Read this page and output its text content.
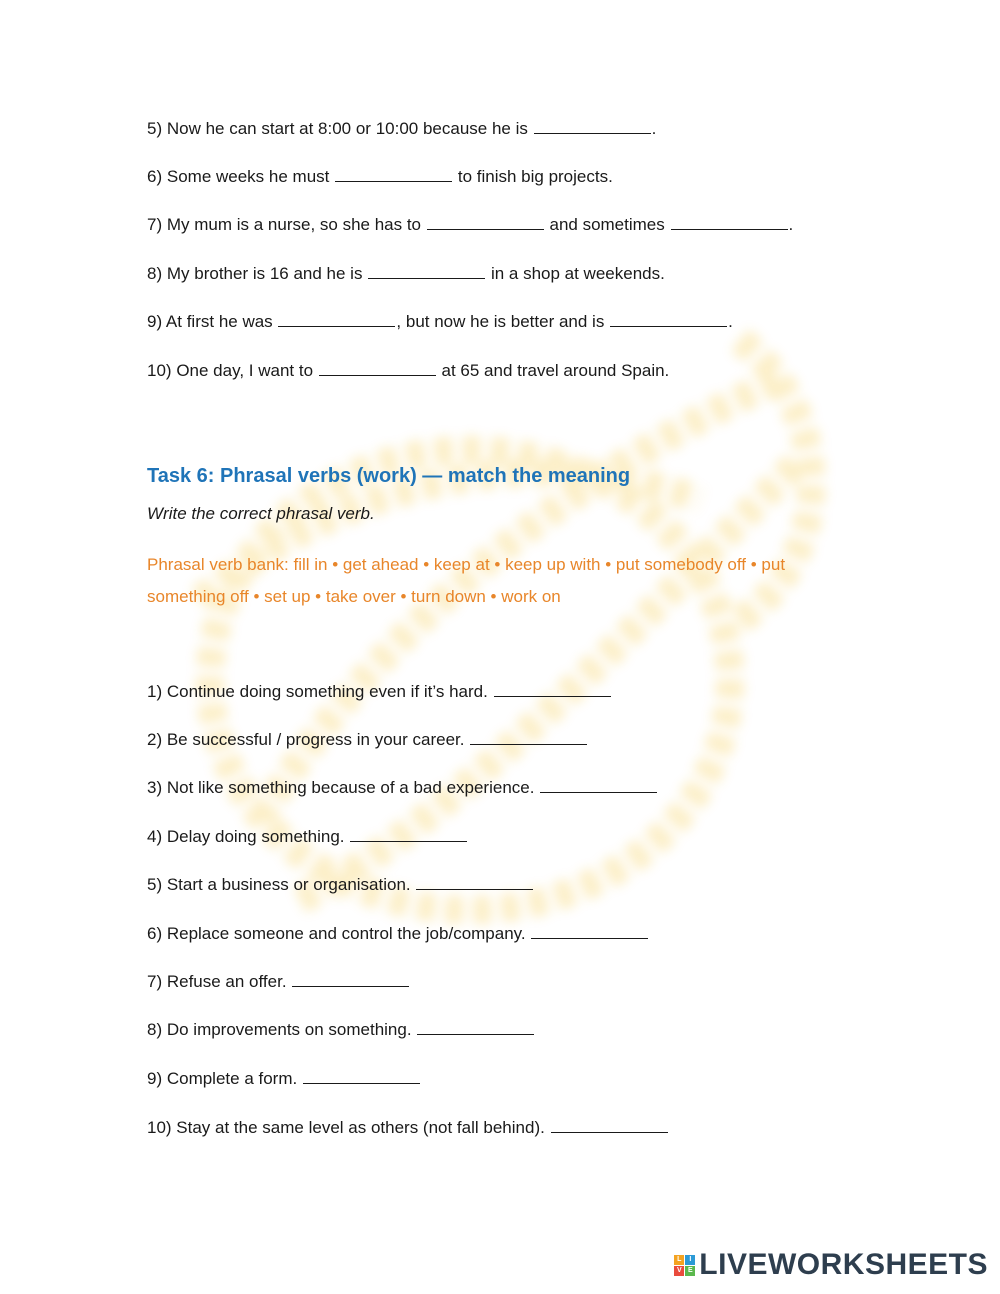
5) Now he can start at 8:00 or 10:00 because he is	.
6) Some weeks he must	to finish big projects.
7) My mum is a nurse, so she has to	and sometimes	.
8) My brother is 16 and he is	in a shop at weekends.
9) At first he was	, but now he is better and is	.
10) One day, I want to	at 65 and travel around Spain.
Task 6: Phrasal verbs (work) — match the meaning
Write the correct phrasal verb.
Phrasal verb bank: fill in • get ahead • keep at • keep up with • put somebody off • put
something off • set up • take over • turn down • work on
1) Continue doing something even if it’s hard.
2) Be successful / progress in your career.
3) Not like something because of a bad experience.
4) Delay doing something.
5) Start a business or organisation.
6) Replace someone and control the job/company.
7) Refuse an offer.
8) Do improvements on something.
9) Complete a form.
10) Stay at the same level as others (not fall behind).
L	I
V E LIVEWORKSHEETS
